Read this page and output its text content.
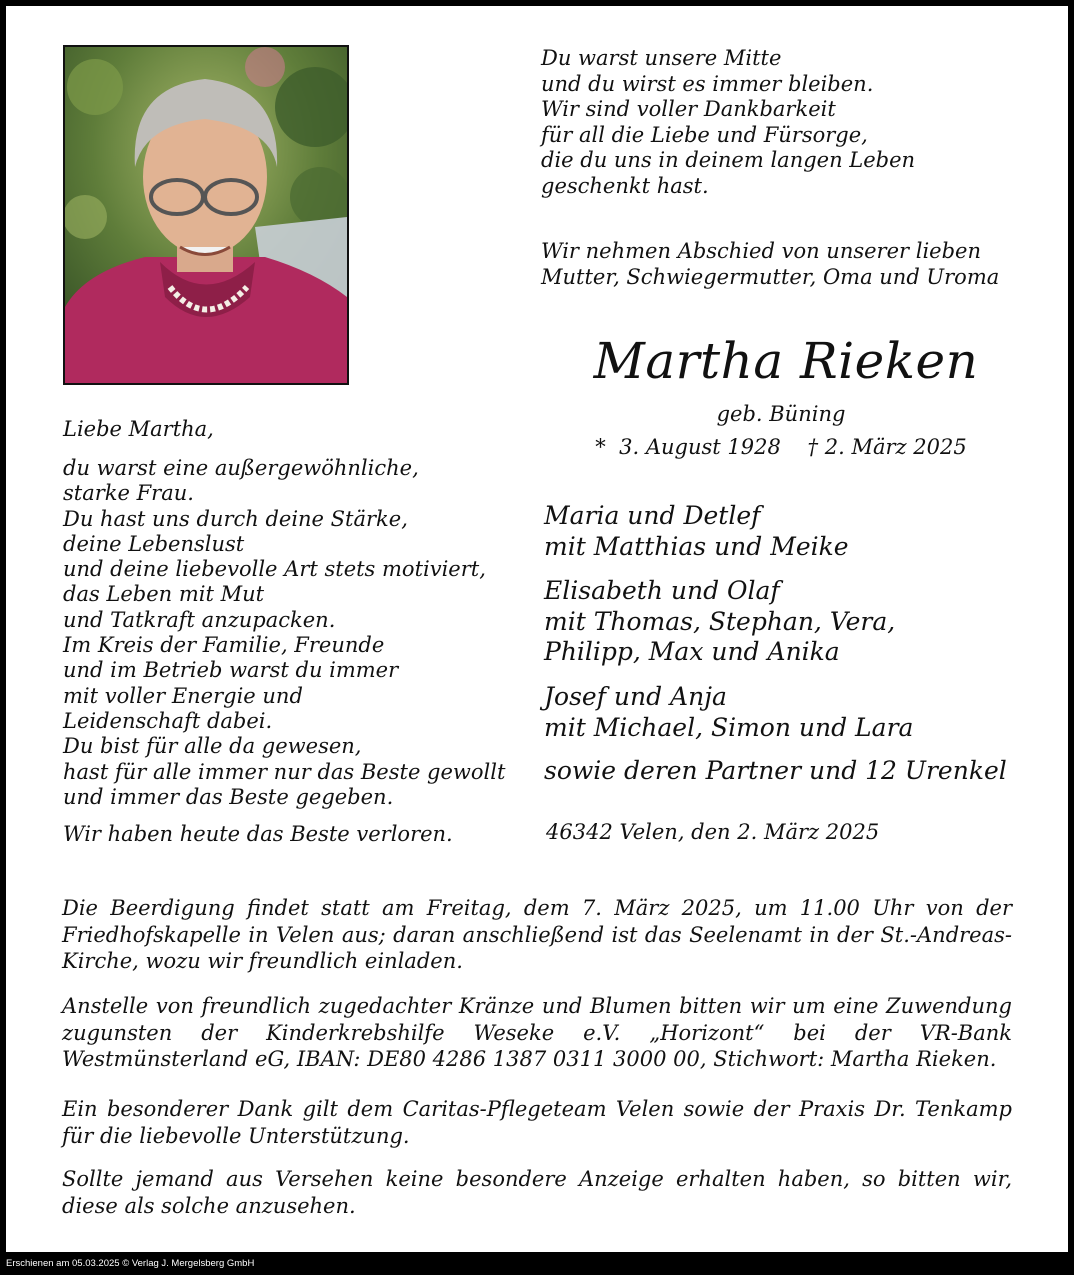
Du warst unsere Mitte
und du wirst es immer bleiben.
Wir sind voller Dankbarkeit
für all die Liebe und Fürsorge,
die du uns in deinem langen Leben
geschenkt hast.
Wir nehmen Abschied von unserer lieben
Mutter, Schwiegermutter, Oma und Uroma
Martha Rieken
geb. Büning
*  3. August 1928    † 2. März 2025
Maria und Detlef
mit Matthias und Meike
Elisabeth und Olaf
mit Thomas, Stephan, Vera,
Philipp, Max und Anika
Josef und Anja
mit Michael, Simon und Lara
sowie deren Partner und 12 Urenkel
46342 Velen, den 2. März 2025
Liebe Martha,
du warst eine außergewöhnliche,
starke Frau.
Du hast uns durch deine Stärke,
deine Lebenslust
und deine liebevolle Art stets motiviert,
das Leben mit Mut
und Tatkraft anzupacken.
Im Kreis der Familie, Freunde
und im Betrieb warst du immer
mit voller Energie und
Leidenschaft dabei.
Du bist für alle da gewesen,
hast für alle immer nur das Beste gewollt
und immer das Beste gegeben.
Wir haben heute das Beste verloren.
Die Beerdigung findet statt am Freitag, dem 7. März 2025, um 11.00 Uhr von der Friedhofskapelle in Velen aus; daran anschließend ist das Seelenamt in der St.-Andreas-Kirche, wozu wir freundlich einladen.
Anstelle von freundlich zugedachter Kränze und Blumen bitten wir um eine Zuwendung zugunsten der Kinderkrebshilfe Weseke e.V. „Horizont“ bei der VR-Bank Westmünsterland eG, IBAN: DE80 4286 1387 0311 3000 00, Stichwort: Martha Rieken.
Ein besonderer Dank gilt dem Caritas-Pflegeteam Velen sowie der Praxis Dr. Tenkamp für die liebevolle Unterstützung.
Sollte jemand aus Versehen keine besondere Anzeige erhalten haben, so bitten wir, diese als solche anzusehen.
Erschienen am 05.03.2025 © Verlag J. Mergelsberg GmbH
